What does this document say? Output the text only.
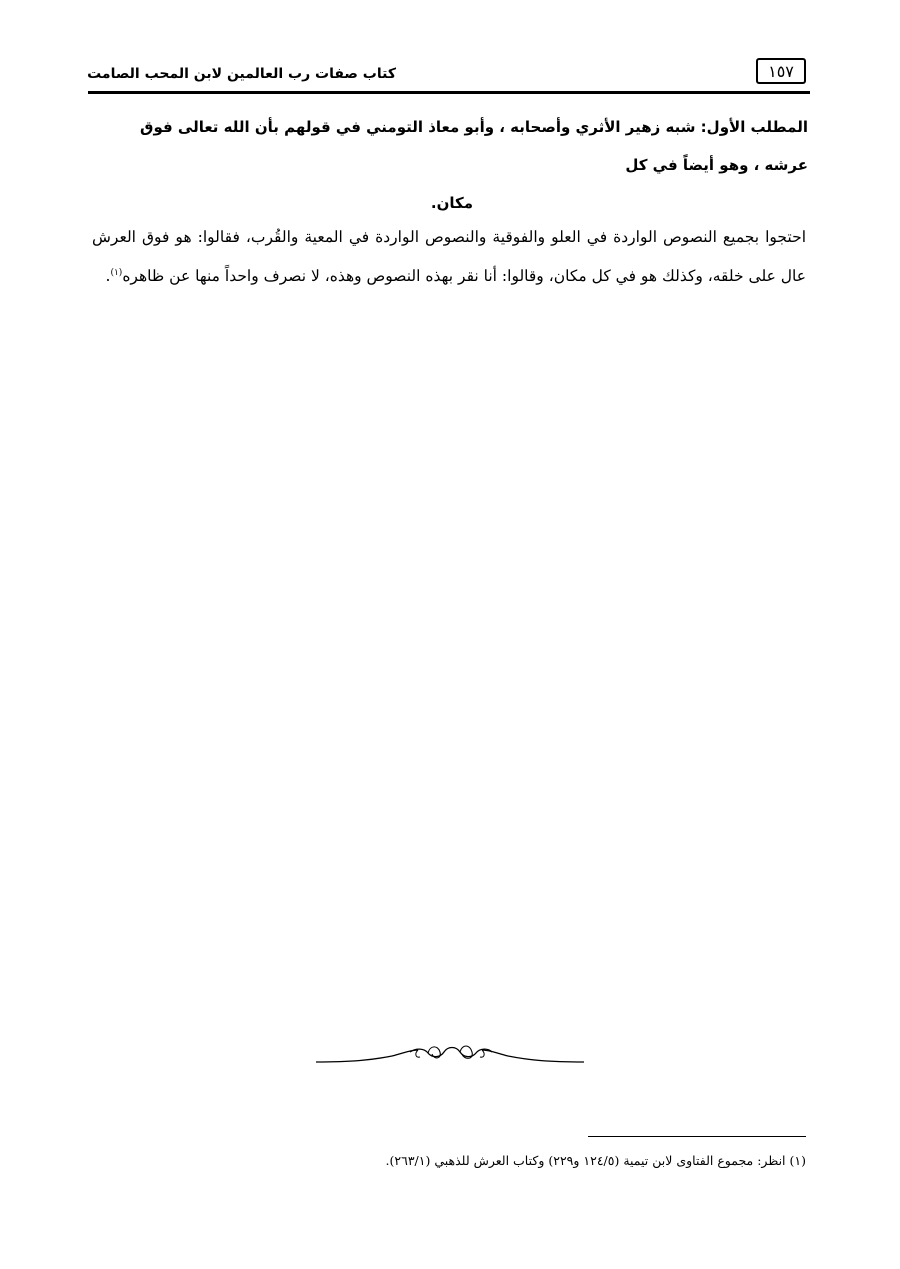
١٥٧
كتاب صفات رب العالمين لابن المحب الصامت
المطلب الأول: شبه زهير الأثري وأصحابه ، وأبو معاذ التومني في قولهم بأن الله تعالى فوق عرشه ، وهو أيضاً في كل
مكان.
احتجوا بجميع النصوص الواردة في العلو والفوقية والنصوص الواردة في المعية والقُرب، فقالوا: هو فوق العرش عال على خلقه، وكذلك هو في كل مكان، وقالوا: أنا نقر بهذه النصوص وهذه، لا نصرف واحداً منها عن ظاهره$^{(١)}$.
(١) انظر: مجموع الفتاوى لابن تيمية (١٢٤/٥ و٢٢٩) وكتاب العرش للذهبي (٢٦٣/١).
